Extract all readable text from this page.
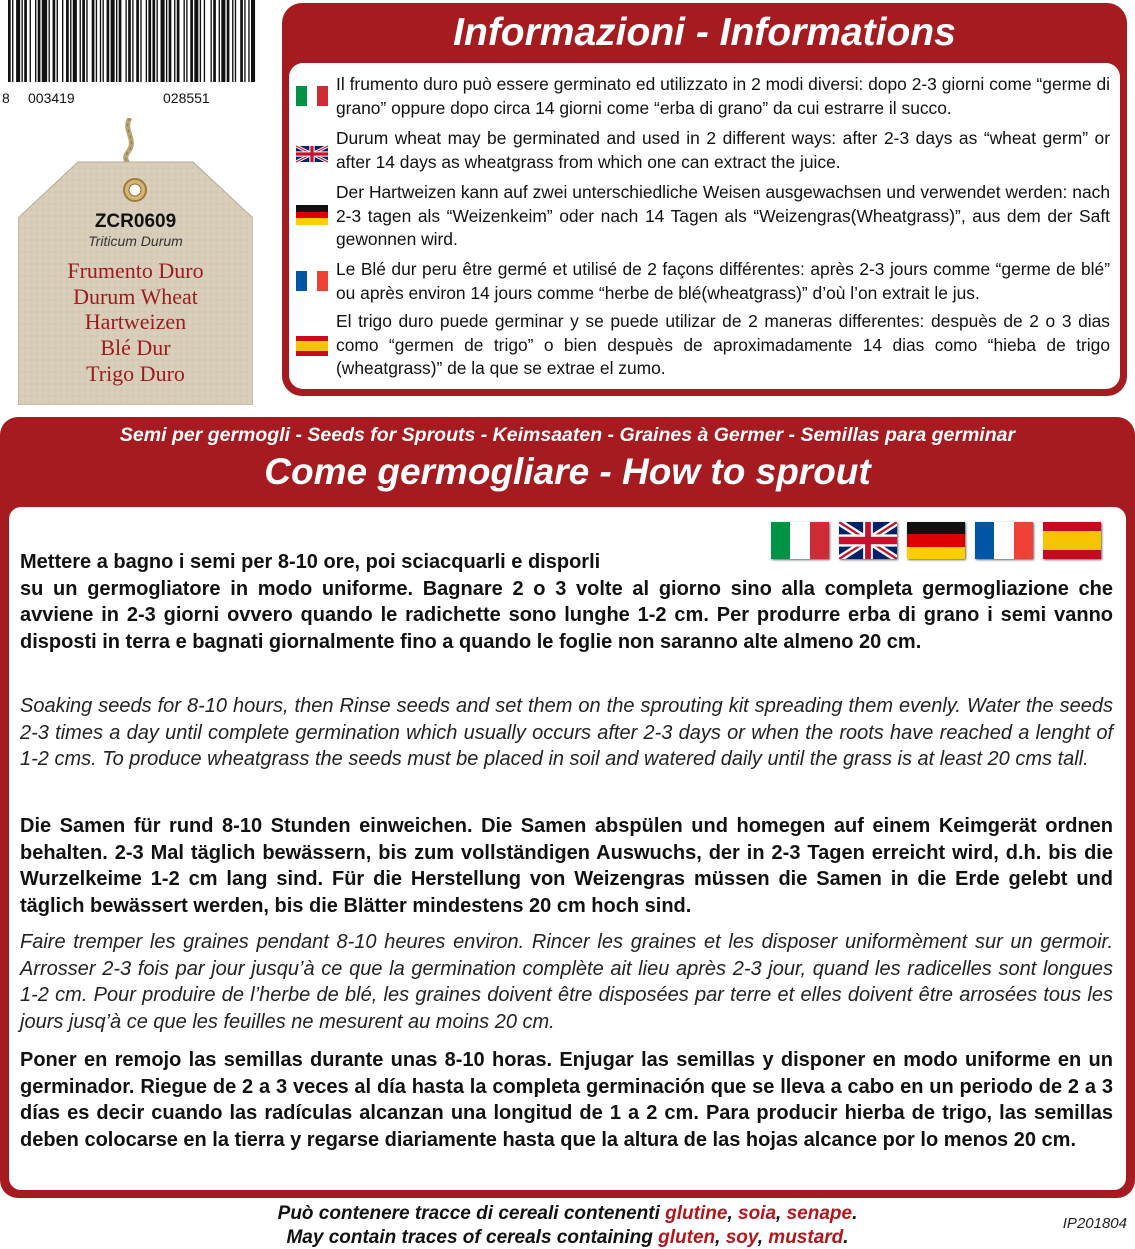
8 003419	028551
ZCR0609
Triticum Durum
Frumento Duro
Durum Wheat
Hartweizen
Blé Dur
Trigo Duro
Informazioni - Informations
Il frumento duro può essere germinato ed utilizzato in 2 modi diversi: dopo 2-3 giorni come “germe di grano” oppure dopo circa 14 giorni come “erba di grano” da cui estrarre il succo.
Durum wheat may be germinated and used in 2 different ways: after 2-3 days as “wheat germ” or after 14 days as wheatgrass from which one can extract the juice.
Der Hartweizen kann auf zwei unterschiedliche Weisen ausgewachsen und verwendet werden: nach 2-3 tagen als “Weizenkeim” oder nach 14 Tagen als “Weizengras(Wheatgrass)”, aus dem der Saft gewonnen wird.
Le Blé dur peru être germé et utilisé de 2 façons différentes: après 2-3 jours comme “germe de blé” ou après environ 14 jours comme “herbe de blé(wheatgrass)” d’où l’on extrait le jus.
El trigo duro puede germinar y se puede utilizar de 2 maneras differentes: despuès de 2 o 3 dias como “germen de trigo” o bien despuès de aproximadamente 14 dias como “hieba de trigo (wheatgrass)” de la que se extrae el zumo.
Semi per germogli - Seeds for Sprouts - Keimsaaten - Graines à Germer - Semillas para germinar
Come germogliare - How to sprout
Mettere a bagno i semi per 8-10 ore, poi sciacquarli e disporli
su un germogliatore in modo uniforme. Bagnare 2 o 3 volte al giorno sino alla completa germogliazione che avviene in 2-3 giorni ovvero quando le radichette sono lunghe 1-2 cm. Per produrre erba di grano i semi vanno disposti in terra e bagnati giornalmente fino a quando le foglie non saranno alte almeno 20 cm.
Soaking seeds for 8-10 hours, then Rinse seeds and set them on the sprouting kit spreading them evenly. Water the seeds 2-3 times a day until complete germination which usually occurs after 2-3 days or when the roots have reached a lenght of 1-2 cms. To produce wheatgrass the seeds must be placed in soil and watered daily until the grass is at least 20 cms tall.
Die Samen für rund 8-10 Stunden einweichen. Die Samen abspülen und homegen auf einem Keimgerät ordnen behalten. 2-3 Mal täglich bewässern, bis zum vollständigen Auswuchs, der in 2-3 Tagen erreicht wird, d.h. bis die Wurzelkeime 1-2 cm lang sind. Für die Herstellung von Weizengras müssen die Samen in die Erde gelebt und täglich bewässert werden, bis die Blätter mindestens 20 cm hoch sind.
Faire tremper les graines pendant 8-10 heures environ. Rincer les graines et les disposer uniformèment sur un germoir. Arrosser 2-3 fois par jour jusqu’à ce que la germination complète ait lieu après 2-3 jour, quand les radicelles sont longues 1-2 cm. Pour produire de l’herbe de blé, les graines doivent être disposées par terre et elles doivent être arrosées tous les jours jusq’à ce que les feuilles ne mesurent au moins 20 cm.
Poner en remojo las semillas durante unas 8-10 horas. Enjugar las semillas y disponer en modo uniforme en un germinador. Riegue de 2 a 3 veces al día hasta la completa germinación que se lleva a cabo en un periodo de 2 a 3 días es decir cuando las radículas alcanzan una longitud de 1 a 2 cm. Para producir hierba de trigo, las semillas deben colocarse en la tierra y regarse diariamente hasta que la altura de las hojas alcance por lo menos 20 cm.
Può contenere tracce di cereali contenenti glutine, soia, senape.
May contain traces of cereals containing gluten, soy, mustard.
IP201804
